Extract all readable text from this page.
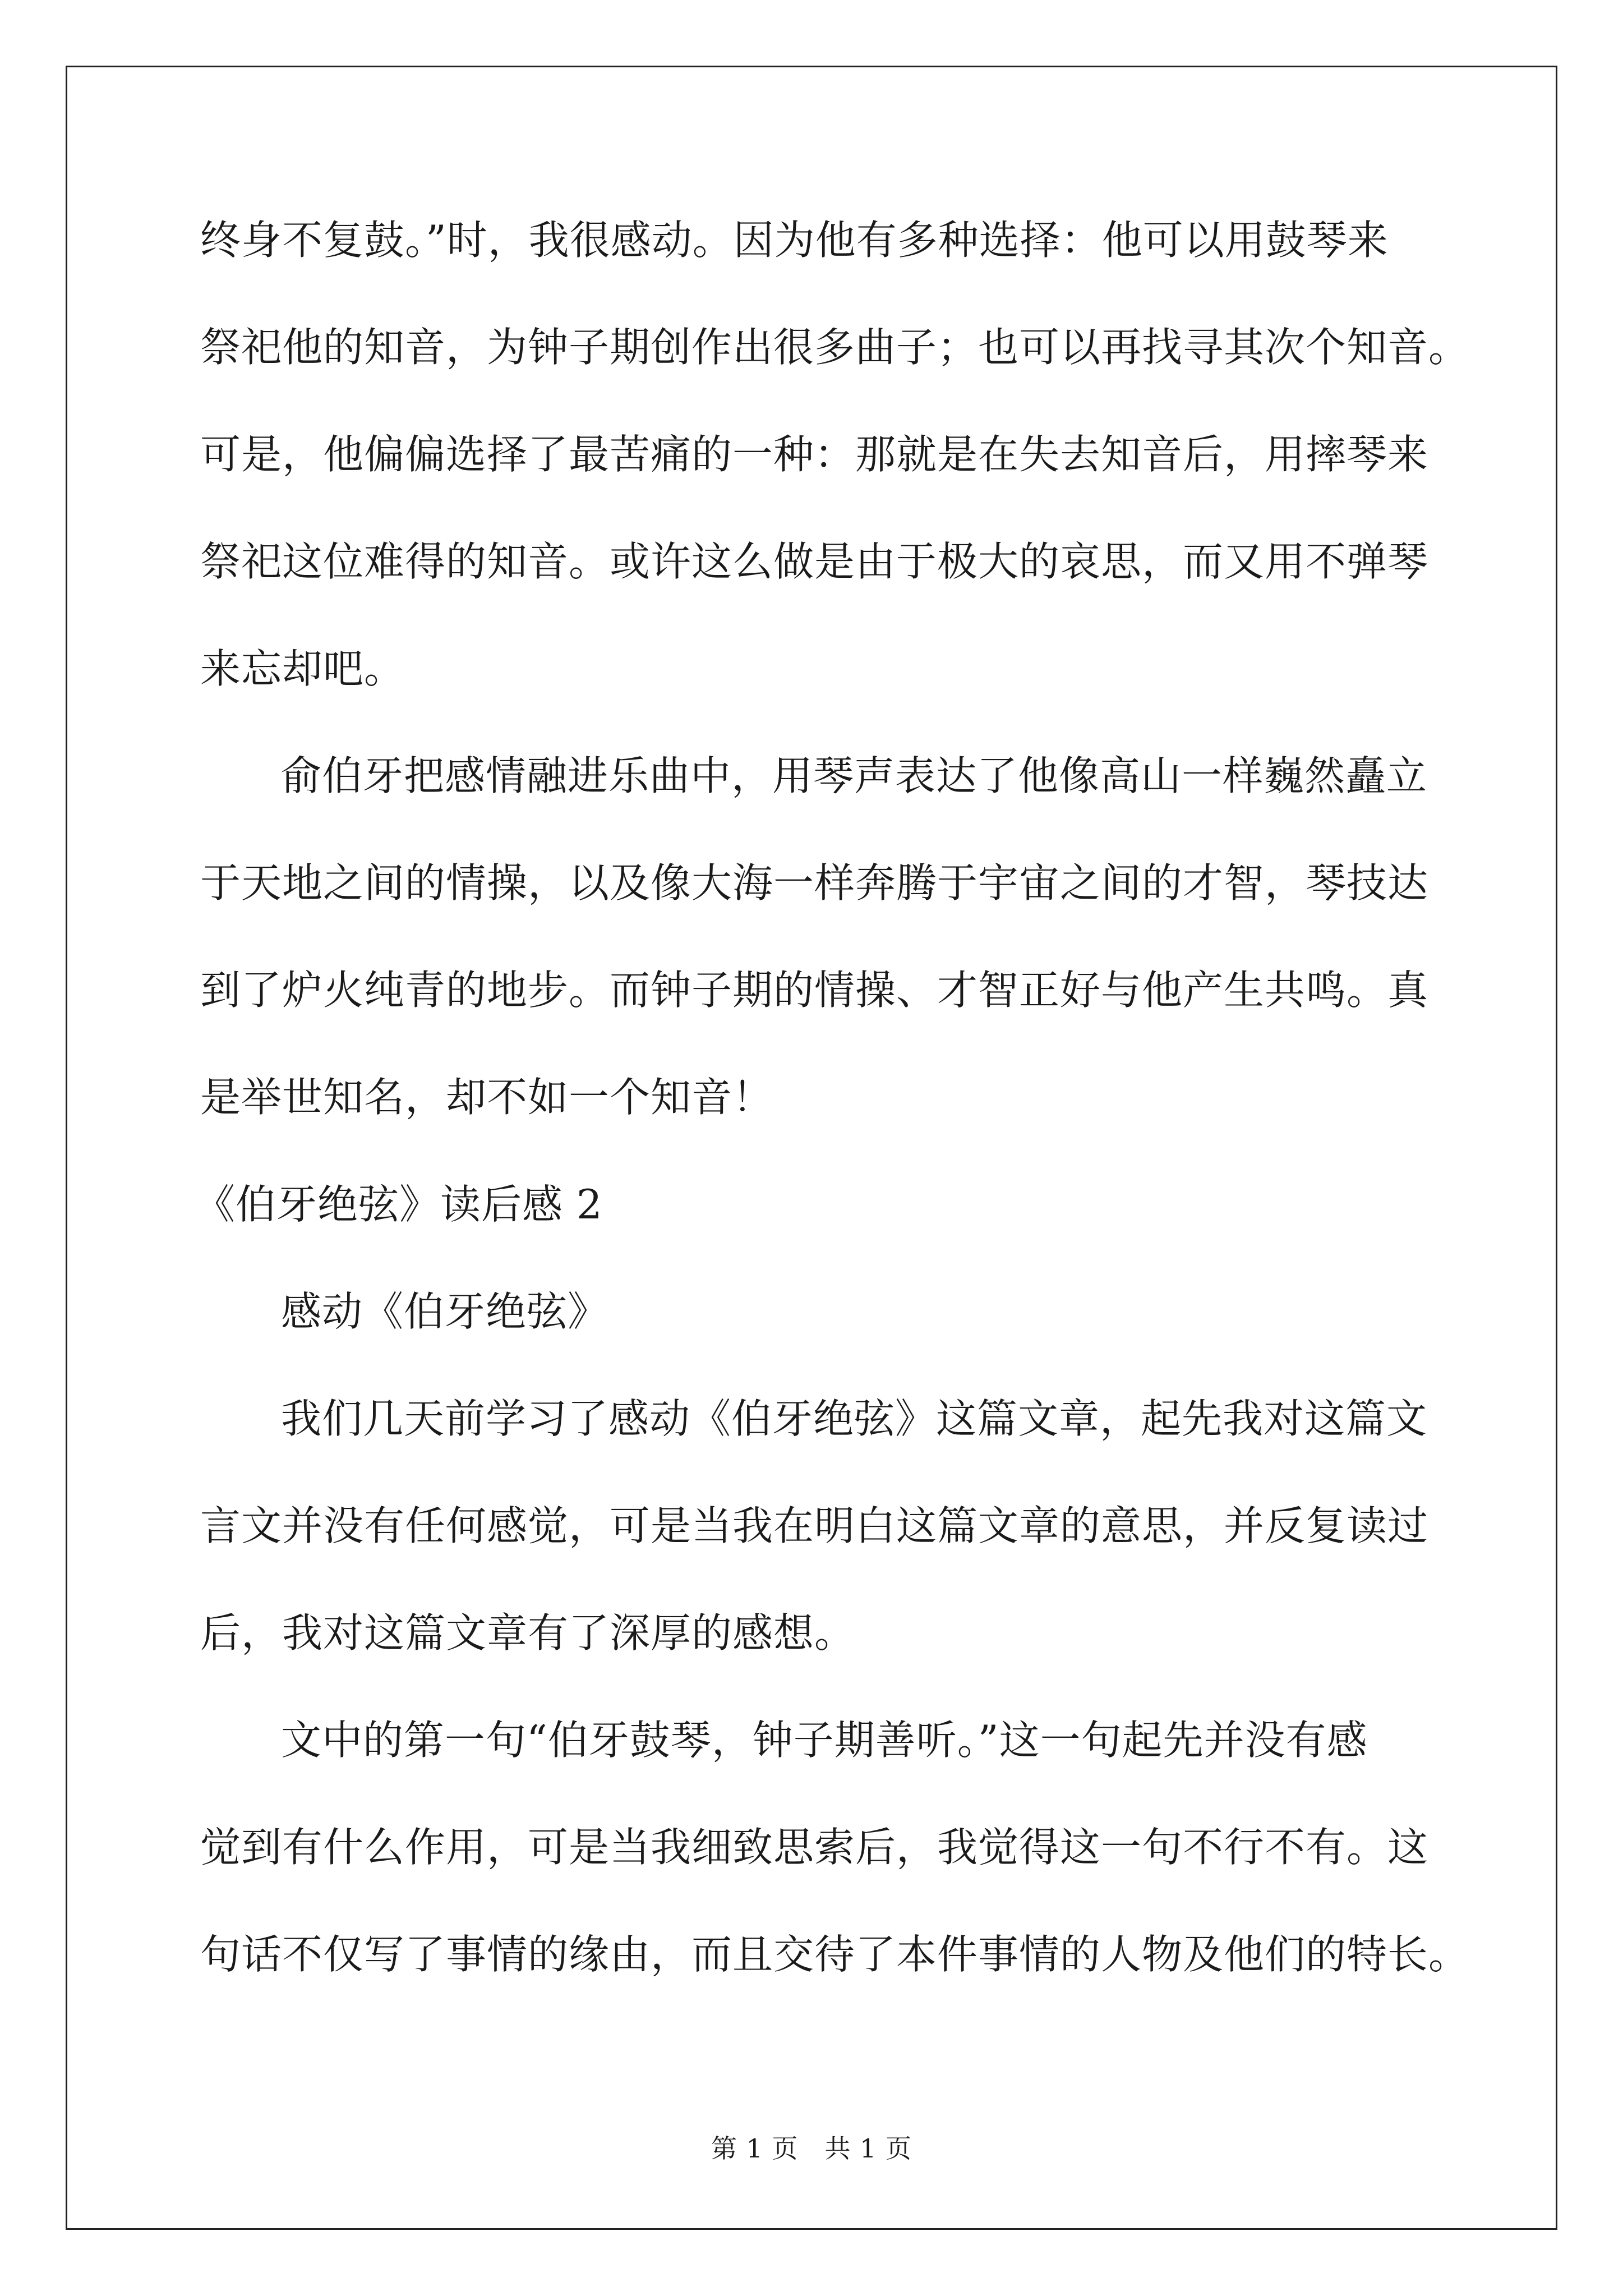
终身不复鼓。”时，我很感动。因为他有多种选择：他可以用鼓琴来
祭祀他的知音，为钟子期创作出很多曲子；也可以再找寻其次个知音。
可是，他偏偏选择了最苦痛的一种：那就是在失去知音后，用摔琴来
祭祀这位难得的知音。或许这么做是由于极大的哀思，而又用不弹琴
来忘却吧。
俞伯牙把感情融进乐曲中，用琴声表达了他像高山一样巍然矗立
于天地之间的情操，以及像大海一样奔腾于宇宙之间的才智，琴技达
到了炉火纯青的地步。而钟子期的情操、才智正好与他产生共鸣。真
是举世知名，却不如一个知音！
《伯牙绝弦》读后感 2
感动《伯牙绝弦》
我们几天前学习了感动《伯牙绝弦》这篇文章，起先我对这篇文
言文并没有任何感觉，可是当我在明白这篇文章的意思，并反复读过
后，我对这篇文章有了深厚的感想。
文中的第一句“伯牙鼓琴，钟子期善听。”这一句起先并没有感
觉到有什么作用，可是当我细致思索后，我觉得这一句不行不有。这
句话不仅写了事情的缘由，而且交待了本件事情的人物及他们的特长。
第 1 页　共 1 页
